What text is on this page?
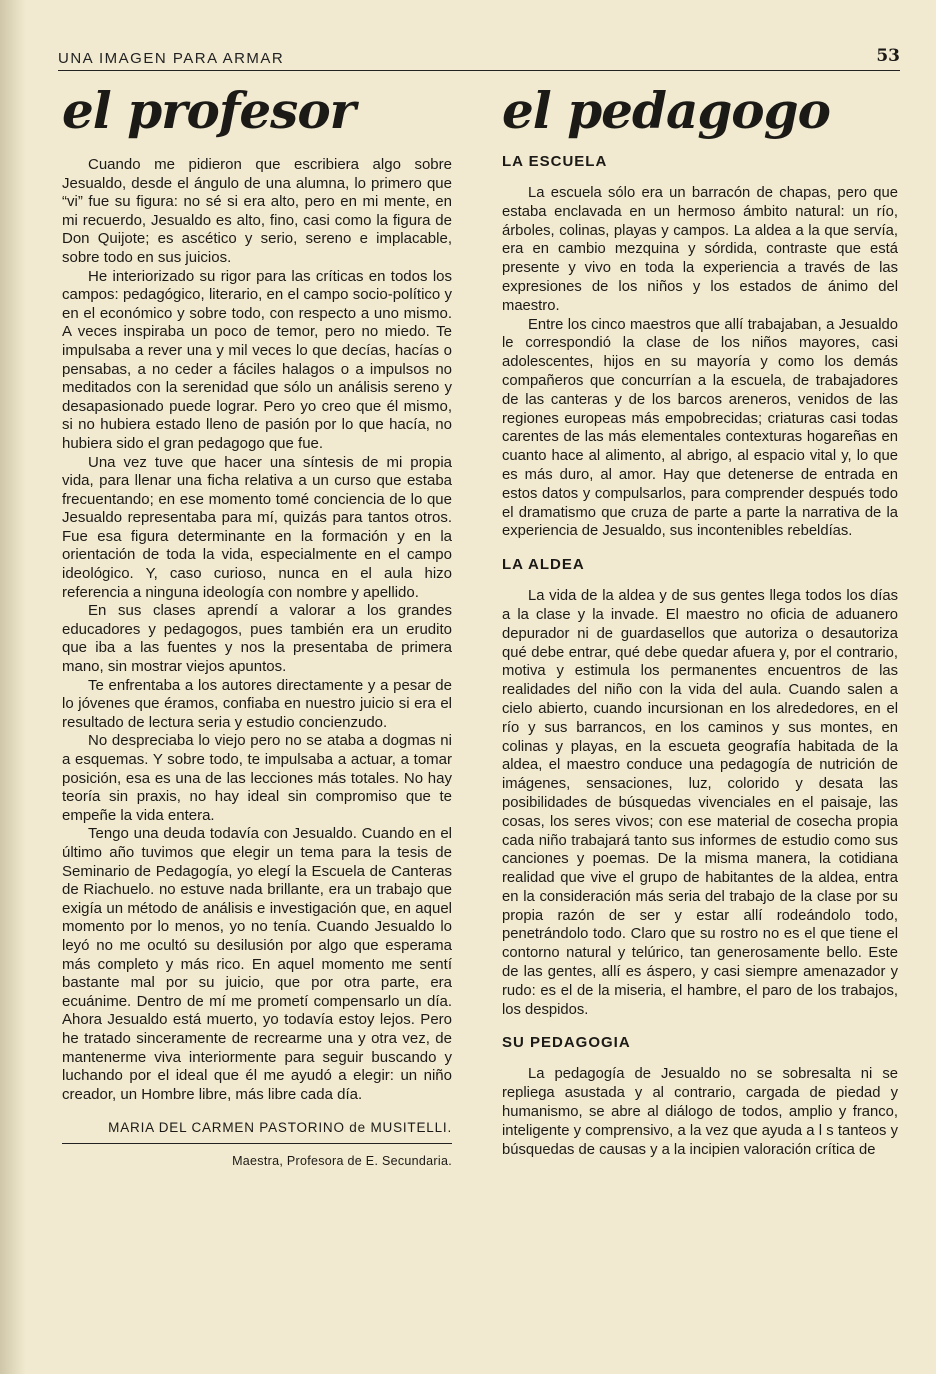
UNA IMAGEN PARA ARMAR	53
el profesor

Cuando me pidieron que escribiera algo sobre Jesualdo, desde el ángulo de una alumna, lo primero que “vi” fue su figura: no sé si era alto, pero en mi mente, en mi recuerdo, Jesualdo es alto, fino, casi como la figura de Don Quijote; es ascético y serio, sereno e implacable, sobre todo en sus juicios.

He interiorizado su rigor para las críticas en todos los campos: pedagógico, literario, en el campo socio-político y en el económico y sobre todo, con respecto a uno mismo. A veces inspiraba un poco de temor, pero no miedo. Te impulsaba a rever una y mil veces lo que decías, hacías o pensabas, a no ceder a fáciles halagos o a impulsos no meditados con la serenidad que sólo un análisis sereno y desapasionado puede lograr. Pero yo creo que él mismo, si no hubiera estado lleno de pasión por lo que hacía, no hubiera sido el gran pedagogo que fue.

Una vez tuve que hacer una síntesis de mi propia vida, para llenar una ficha relativa a un curso que estaba frecuentando; en ese momento tomé conciencia de lo que Jesualdo representaba para mí, quizás para tantos otros. Fue esa figura determinante en la formación y en la orientación de toda la vida, especialmente en el campo ideológico. Y, caso curioso, nunca en el aula hizo referencia a ninguna ideología con nombre y apellido.

En sus clases aprendí a valorar a los grandes educadores y pedagogos, pues también era un erudito que iba a las fuentes y nos la presentaba de primera mano, sin mostrar viejos apuntos.

Te enfrentaba a los autores directamente y a pesar de lo jóvenes que éramos, confiaba en nuestro juicio si era el resultado de lectura seria y estudio concienzudo.

No despreciaba lo viejo pero no se ataba a dogmas ni a esquemas. Y sobre todo, te impulsaba a actuar, a tomar posición, esa es una de las lecciones más totales. No hay teoría sin praxis, no hay ideal sin compromiso que te empeñe la vida entera.

Tengo una deuda todavía con Jesualdo. Cuando en el último año tuvimos que elegir un tema para la tesis de Seminario de Pedagogía, yo elegí la Escuela de Canteras de Riachuelo. no estuve nada brillante, era un trabajo que exigía un método de análisis e investigación que, en aquel momento por lo menos, yo no tenía. Cuando Jesualdo lo leyó no me ocultó su desilusión por algo que esperama más completo y más rico. En aquel momento me sentí bastante mal por su juicio, que por otra parte, era ecuánime. Dentro de mí me prometí compensarlo un día. Ahora Jesualdo está muerto, yo todavía estoy lejos. Pero he tratado sinceramente de recrearme una y otra vez, de mantenerme viva interiormente para seguir buscando y luchando por el ideal que él me ayudó a elegir: un niño creador, un Hombre libre, más libre cada día.

MARIA DEL CARMEN PASTORINO de MUSITELLI.
Maestra, Profesora de E. Secundaria.
el pedagogo
LA ESCUELA

La escuela sólo era un barracón de chapas, pero que estaba enclavada en un hermoso ámbito natural: un río, árboles, colinas, playas y campos. La aldea a la que servía, era en cambio mezquina y sórdida, contraste que está presente y vivo en toda la experiencia a través de las expresiones de los niños y los estados de ánimo del maestro.

Entre los cinco maestros que allí trabajaban, a Jesualdo le correspondió la clase de los niños mayores, casi adolescentes, hijos en su mayoría y como los demás compañeros que concurrían a la escuela, de trabajadores de las canteras y de los barcos areneros, venidos de las regiones europeas más empobrecidas; criaturas casi todas carentes de las más elementales contexturas hogareñas en cuanto hace al alimento, al abrigo, al espacio vital y, lo que es más duro, al amor. Hay que detenerse de entrada en estos datos y compulsarlos, para comprender después todo el dramatismo que cruza de parte a parte la narrativa de la experiencia de Jesualdo, sus incontenibles rebeldías.

LA ALDEA

La vida de la aldea y de sus gentes llega todos los días a la clase y la invade. El maestro no oficia de aduanero depurador ni de guardasellos que autoriza o desautoriza qué debe entrar, qué debe quedar afuera y, por el contrario, motiva y estimula los permanentes encuentros de las realidades del niño con la vida del aula. Cuando salen a cielo abierto, cuando incursionan en los alrededores, en el río y sus barrancos, en los caminos y sus montes, en colinas y playas, en la escueta geografía habitada de la aldea, el maestro conduce una pedagogía de nutrición de imágenes, sensaciones, luz, colorido y desata las posibilidades de búsquedas vivenciales en el paisaje, las cosas, los seres vivos; con ese material de cosecha propia cada niño trabajará tanto sus informes de estudio como sus canciones y poemas. De la misma manera, la cotidiana realidad que vive el grupo de habitantes de la aldea, entra en la consideración más seria del trabajo de la clase por su propia razón de ser y estar allí rodeándolo todo, penetrándolo todo. Claro que su rostro no es el que tiene el contorno natural y telúrico, tan generosamente bello. Este de las gentes, allí es áspero, y casi siempre amenazador y rudo: es el de la miseria, el hambre, el paro de los trabajos, los despidos.

SU PEDAGOGIA

La pedagogía de Jesualdo no se sobresalta ni se repliega asustada y al contrario, cargada de piedad y humanismo, se abre al diálogo de todos, amplio y franco, inteligente y comprensivo, a la vez que ayuda a l s tanteos y búsquedas de causas y a la incipien valoración crítica de
